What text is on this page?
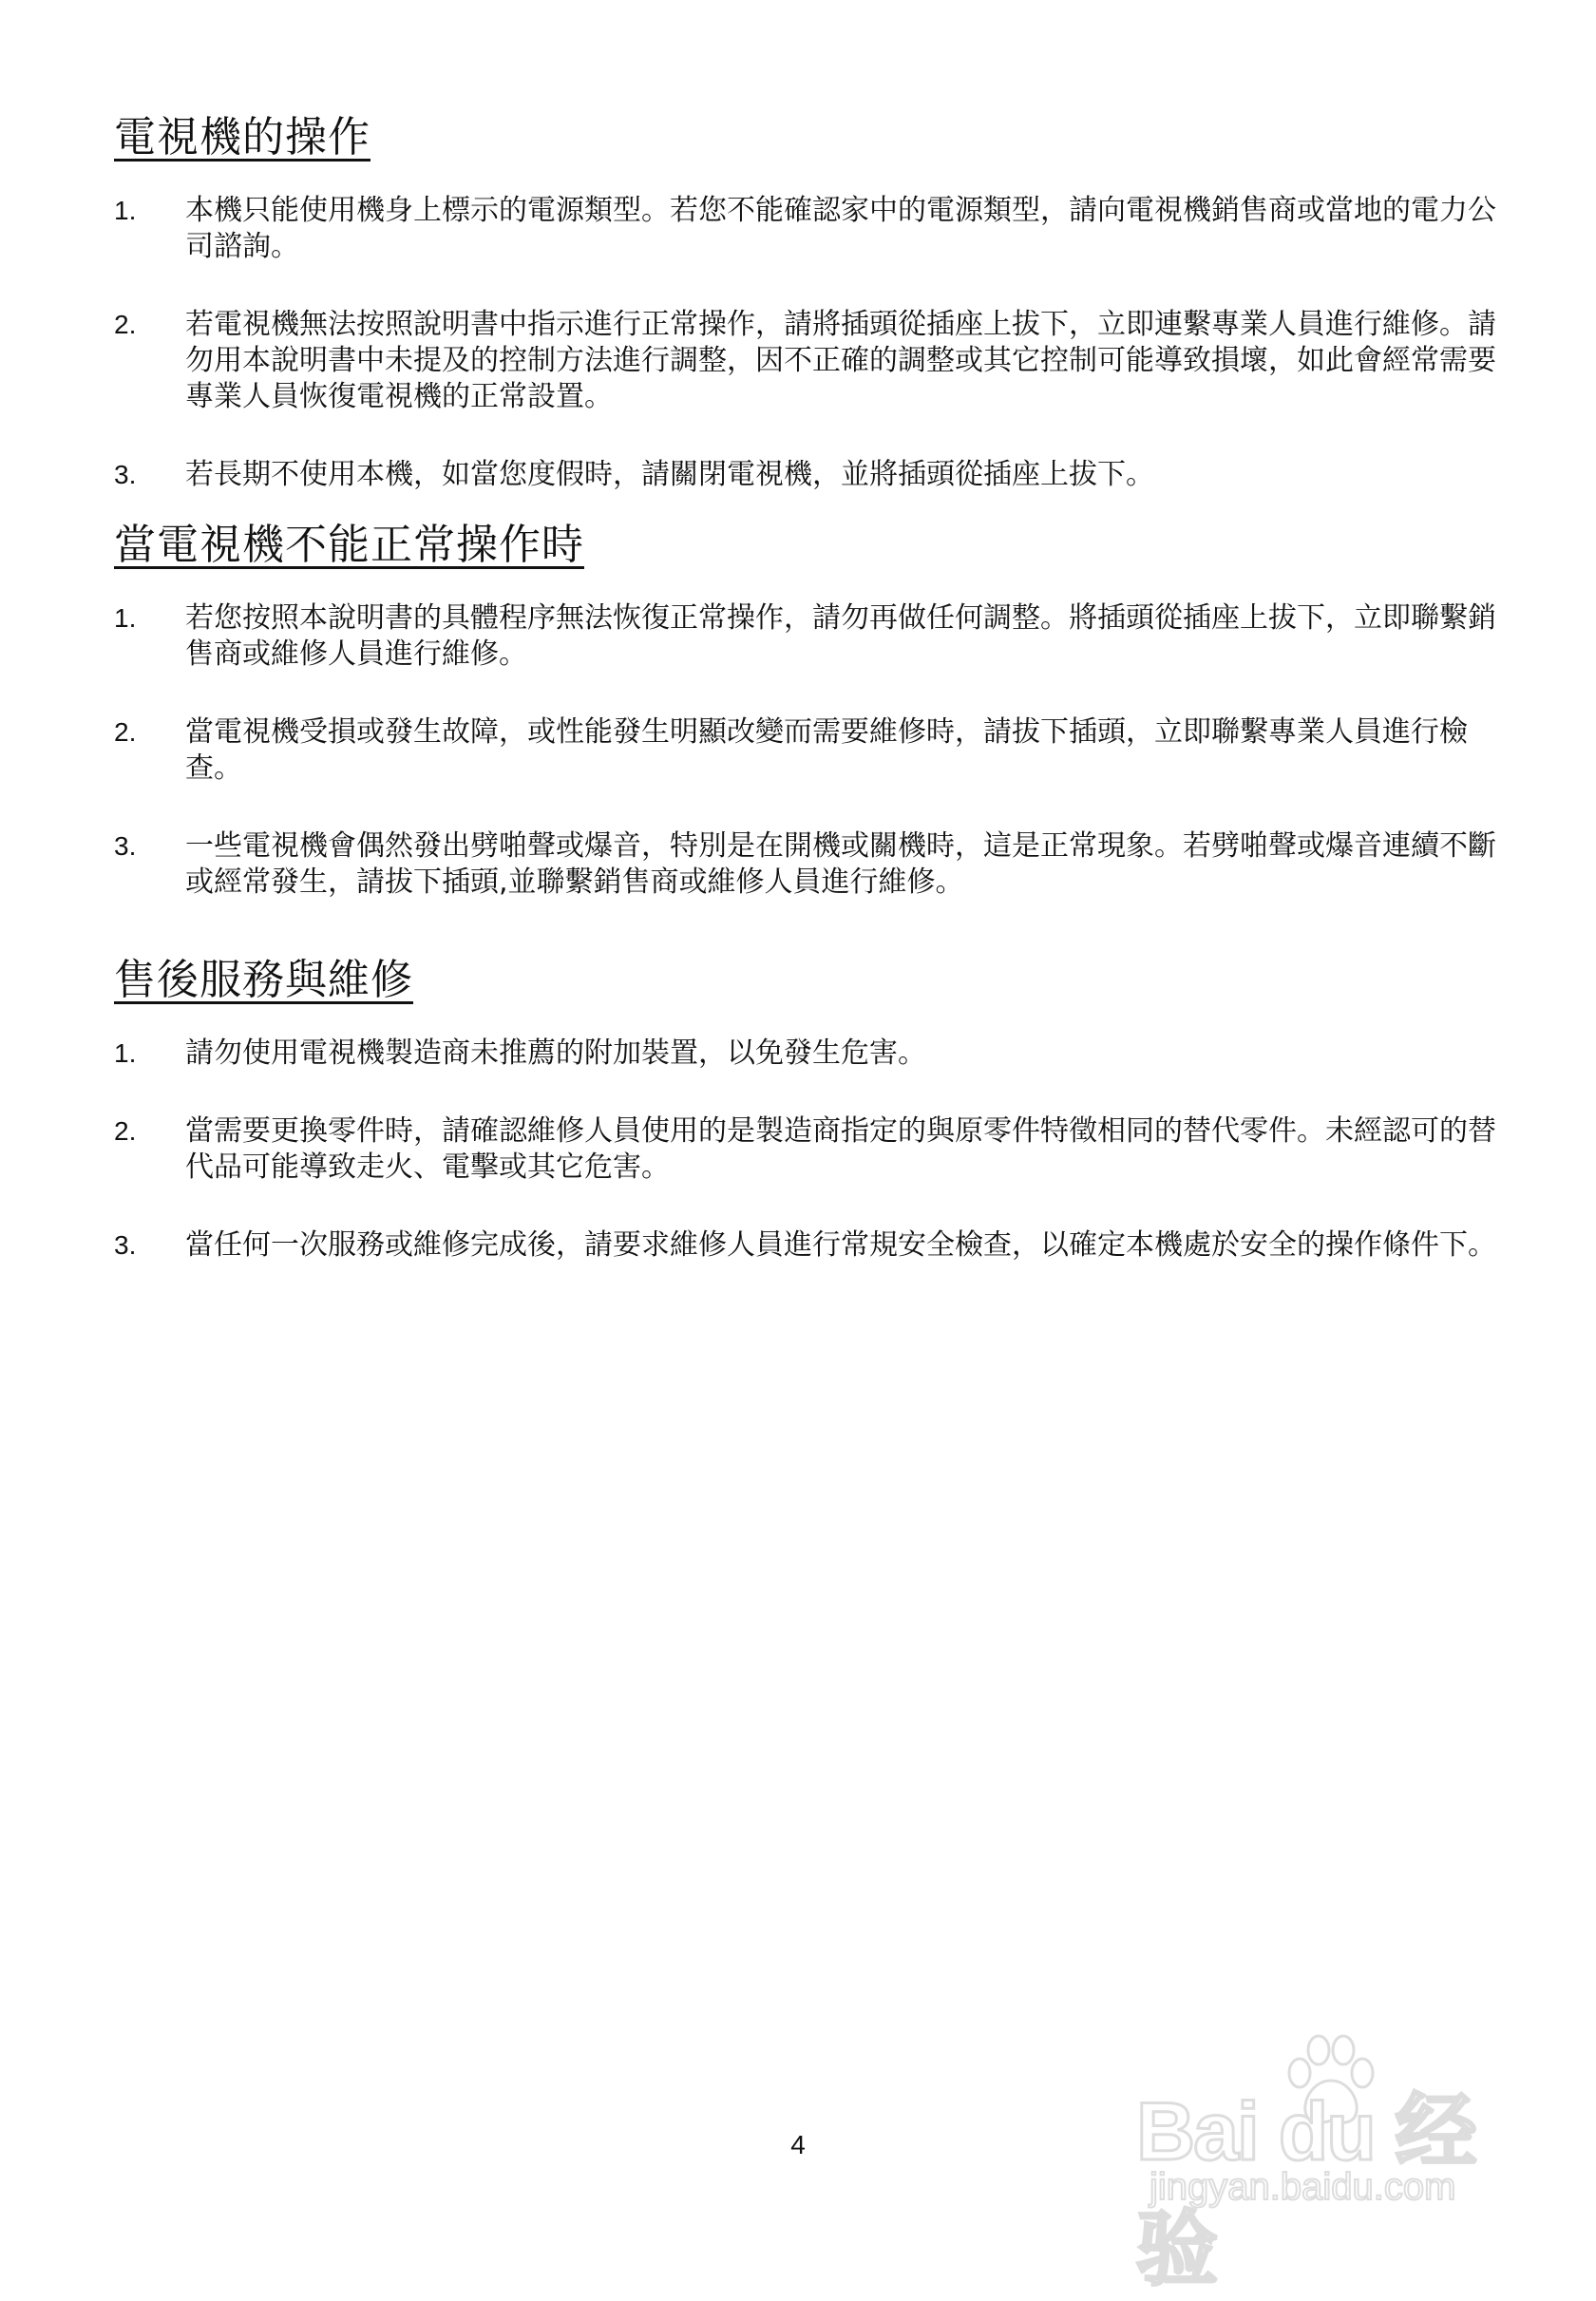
電視機的操作
1. 本機只能使用機身上標示的電源類型。若您不能確認家中的電源類型，請向電視機銷售商或當地的電力公司諮詢。
2. 若電視機無法按照說明書中指示進行正常操作，請將插頭從插座上拔下，立即連繫專業人員進行維修。請勿用本說明書中未提及的控制方法進行調整，因不正確的調整或其它控制可能導致損壞，如此會經常需要專業人員恢復電視機的正常設置。
3. 若長期不使用本機，如當您度假時，請關閉電視機，並將插頭從插座上拔下。
當電視機不能正常操作時
1. 若您按照本說明書的具體程序無法恢復正常操作，請勿再做任何調整。將插頭從插座上拔下，立即聯繫銷售商或維修人員進行維修。
2. 當電視機受損或發生故障，或性能發生明顯改變而需要維修時，請拔下插頭，立即聯繫專業人員進行檢查。
3. 一些電視機會偶然發出劈啪聲或爆音，特別是在開機或關機時，這是正常現象。若劈啪聲或爆音連續不斷或經常發生，請拔下插頭,並聯繫銷售商或維修人員進行維修。
售後服務與維修
1. 請勿使用電視機製造商未推薦的附加裝置，以免發生危害。
2. 當需要更換零件時，請確認維修人員使用的是製造商指定的與原零件特徵相同的替代零件。未經認可的替代品可能導致走火、電擊或其它危害。
3. 當任何一次服務或維修完成後，請要求維修人員進行常規安全檢查，以確定本機處於安全的操作條件下。
4	Bai du 经验
jingyan.baidu.com
